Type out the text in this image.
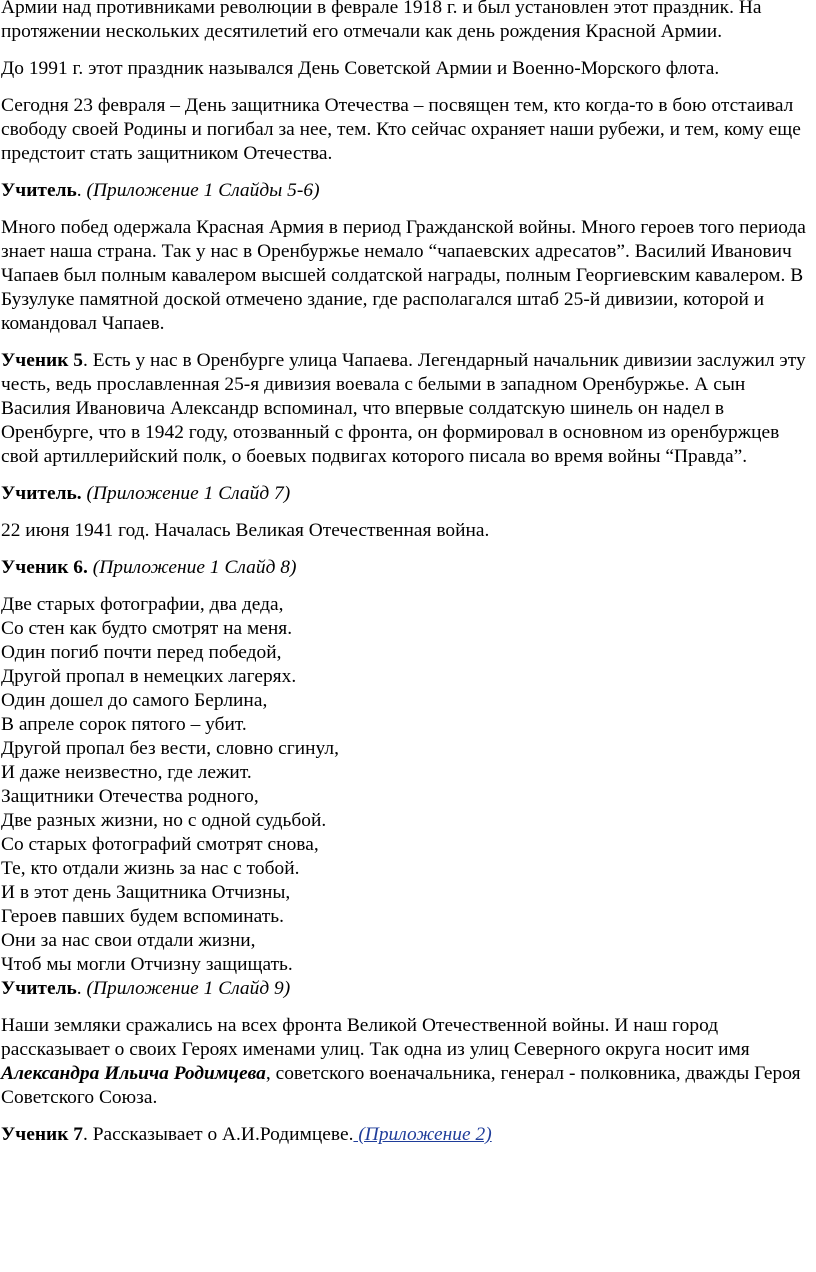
Армии над противниками революции в феврале 1918 г. и был установлен этот праздник. На протяжении нескольких десятилетий его отмечали как день рождения Красной Армии.

До 1991 г. этот праздник назывался День Советской Армии и Военно-Морского флота.

Сегодня 23 февраля – День защитника Отечества – посвящен тем, кто когда-то в бою отстаивал свободу своей Родины и погибал за нее, тем. Кто сейчас охраняет наши рубежи, и тем, кому еще предстоит стать защитником Отечества.

Учитель. (Приложение 1 Слайды 5-6)

Много побед одержала Красная Армия в период Гражданской войны. Много героев того периода знает наша страна. Так у нас в Оренбуржье немало “чапаевских адресатов”. Василий Иванович Чапаев был полным кавалером высшей солдатской награды, полным Георгиевским кавалером. В Бузулуке памятной доской отмечено здание, где располагался штаб 25-й дивизии, которой и командовал Чапаев.

Ученик 5. Есть у нас в Оренбурге улица Чапаева. Легендарный начальник дивизии заслужил эту честь, ведь прославленная 25-я дивизия воевала с белыми в западном Оренбуржье. А сын Василия Ивановича Александр вспоминал, что впервые солдатскую шинель он надел в Оренбурге, что в 1942 году, отозванный с фронта, он формировал в основном из оренбуржцев свой артиллерийский полк, о боевых подвигах которого писала во время войны “Правда”.

Учитель. (Приложение 1 Слайд 7)

22 июня 1941 год. Началась Великая Отечественная война.

Ученик 6. (Приложение 1 Слайд 8)

Две старых фотографии, два деда,
Со стен как будто смотрят на меня.
Один погиб почти перед победой,
Другой пропал в немецких лагерях.
Один дошел до самого Берлина,
В апреле сорок пятого – убит.
Другой пропал без вести, словно сгинул,
И даже неизвестно, где лежит.
Защитники Отечества родного,
Две разных жизни, но с одной судьбой.
Со старых фотографий смотрят снова,
Те, кто отдали жизнь за нас с тобой.
И в этот день Защитника Отчизны,
Героев павших будем вспоминать.
Они за нас свои отдали жизни,
Чтоб мы могли Отчизну защищать.

Учитель. (Приложение 1 Слайд 9)

Наши земляки сражались на всех фронта Великой Отечественной войны. И наш город рассказывает о своих Героях именами улиц. Так одна из улиц Северного округа носит имя Александра Ильича Родимцева, советского военачальника, генерал - полковника, дважды Героя Советского Союза.

Ученик 7. Рассказывает о А.И.Родимцеве. (Приложение 2)
